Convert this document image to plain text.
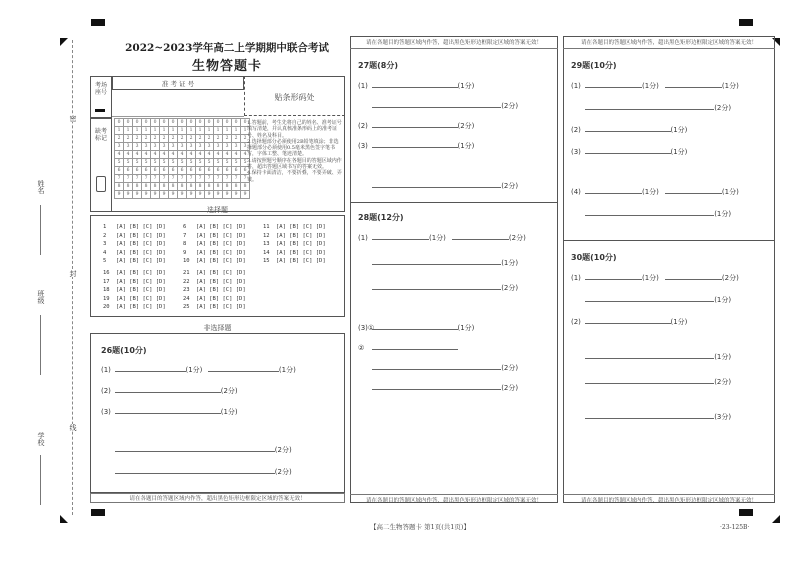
姓名
班级
学校
密
封
线
2022~2023学年高二上学期期中联合考试
生物答题卡
考场座号
缺考标记
准 考 证 号
0	0	0	0	0	0	0	0	0	0	0	0	0	0	0
1	1	1	1	1	1	1	1	1	1	1	1	1	1	1
2	2	2	2	2	2	2	2	2	2	2	2	2	2	2
3	3	3	3	3	3	3	3	3	3	3	3	3	3	3
4	4	4	4	4	4	4	4	4	4	4	4	4	4	4
5	5	5	5	5	5	5	5	5	5	5	5	5	5	5
6	6	6	6	6	6	6	6	6	6	6	6	6	6	6
7	7	7	7	7	7	7	7	7	7	7	7	7	7	7
8	8	8	8	8	8	8	8	8	8	8	8	8	8	8
9	9	9	9	9	9	9	9	9	9	9	9	9	9	9
贴条形码处
1.答题前，考生先将自己的姓名、准考证号填写清楚，并认真核准条形码上的准考证号、姓名及科目。
2.选择题部分必须使用2B铅笔填涂；非选择题部分必须使用0.5毫米黑色签字笔书写，字体工整、笔迹清楚。
3.请按照题号顺序在各题目的答题区域内作答，超出答题区域书写的答案无效。
4.保持卡面清洁，不要折叠，不要弄破、弄皱。
选择题
1 [A] [B] [C] [D]
2 [A] [B] [C] [D]
3 [A] [B] [C] [D]
4 [A] [B] [C] [D]
5 [A] [B] [C] [D]
6 [A] [B] [C] [D]
7 [A] [B] [C] [D]
8 [A] [B] [C] [D]
9 [A] [B] [C] [D]
10 [A] [B] [C] [D]
11 [A] [B] [C] [D]
12 [A] [B] [C] [D]
13 [A] [B] [C] [D]
14 [A] [B] [C] [D]
15 [A] [B] [C] [D]
16 [A] [B] [C] [D]
17 [A] [B] [C] [D]
18 [A] [B] [C] [D]
19 [A] [B] [C] [D]
20 [A] [B] [C] [D]
21 [A] [B] [C] [D]
22 [A] [B] [C] [D]
23 [A] [B] [C] [D]
24 [A] [B] [C] [D]
25 [A] [B] [C] [D]
非选择题
26题(10分)
(1)	(1分)	(1分)
(2)	(2分)
(3)	(1分)
(2分)
(2分)
请在各题目的答题区域内作答，超出黑色矩形边框限定区域的答案无效！
请在各题目的答题区域内作答，超出黑色矩形边框限定区域的答案无效！
27题(8分)
(1)	(1分)
(2分)
(2)	(2分)
(3)	(1分)
(2分)
28题(12分)
(1)	(1分)	(2分)
(1分)
(2分)
(3)①	(1分)
②
(2分)
(2分)
请在各题目的答题区域内作答，超出黑色矩形边框限定区域的答案无效！
请在各题目的答题区域内作答，超出黑色矩形边框限定区域的答案无效！
29题(10分)
(1)	(1分)	(1分)
(2分)
(2)	(1分)
(3)	(1分)
(4)	(1分)	(1分)
(1分)
30题(10分)
(1)	(1分)	(2分)
(1分)
(2)	(1分)
(1分)
(2分)
(3分)
请在各题目的答题区域内作答，超出黑色矩形边框限定区域的答案无效！
【高二生物答题卡 第1页(共1页)】	·23-125B·
